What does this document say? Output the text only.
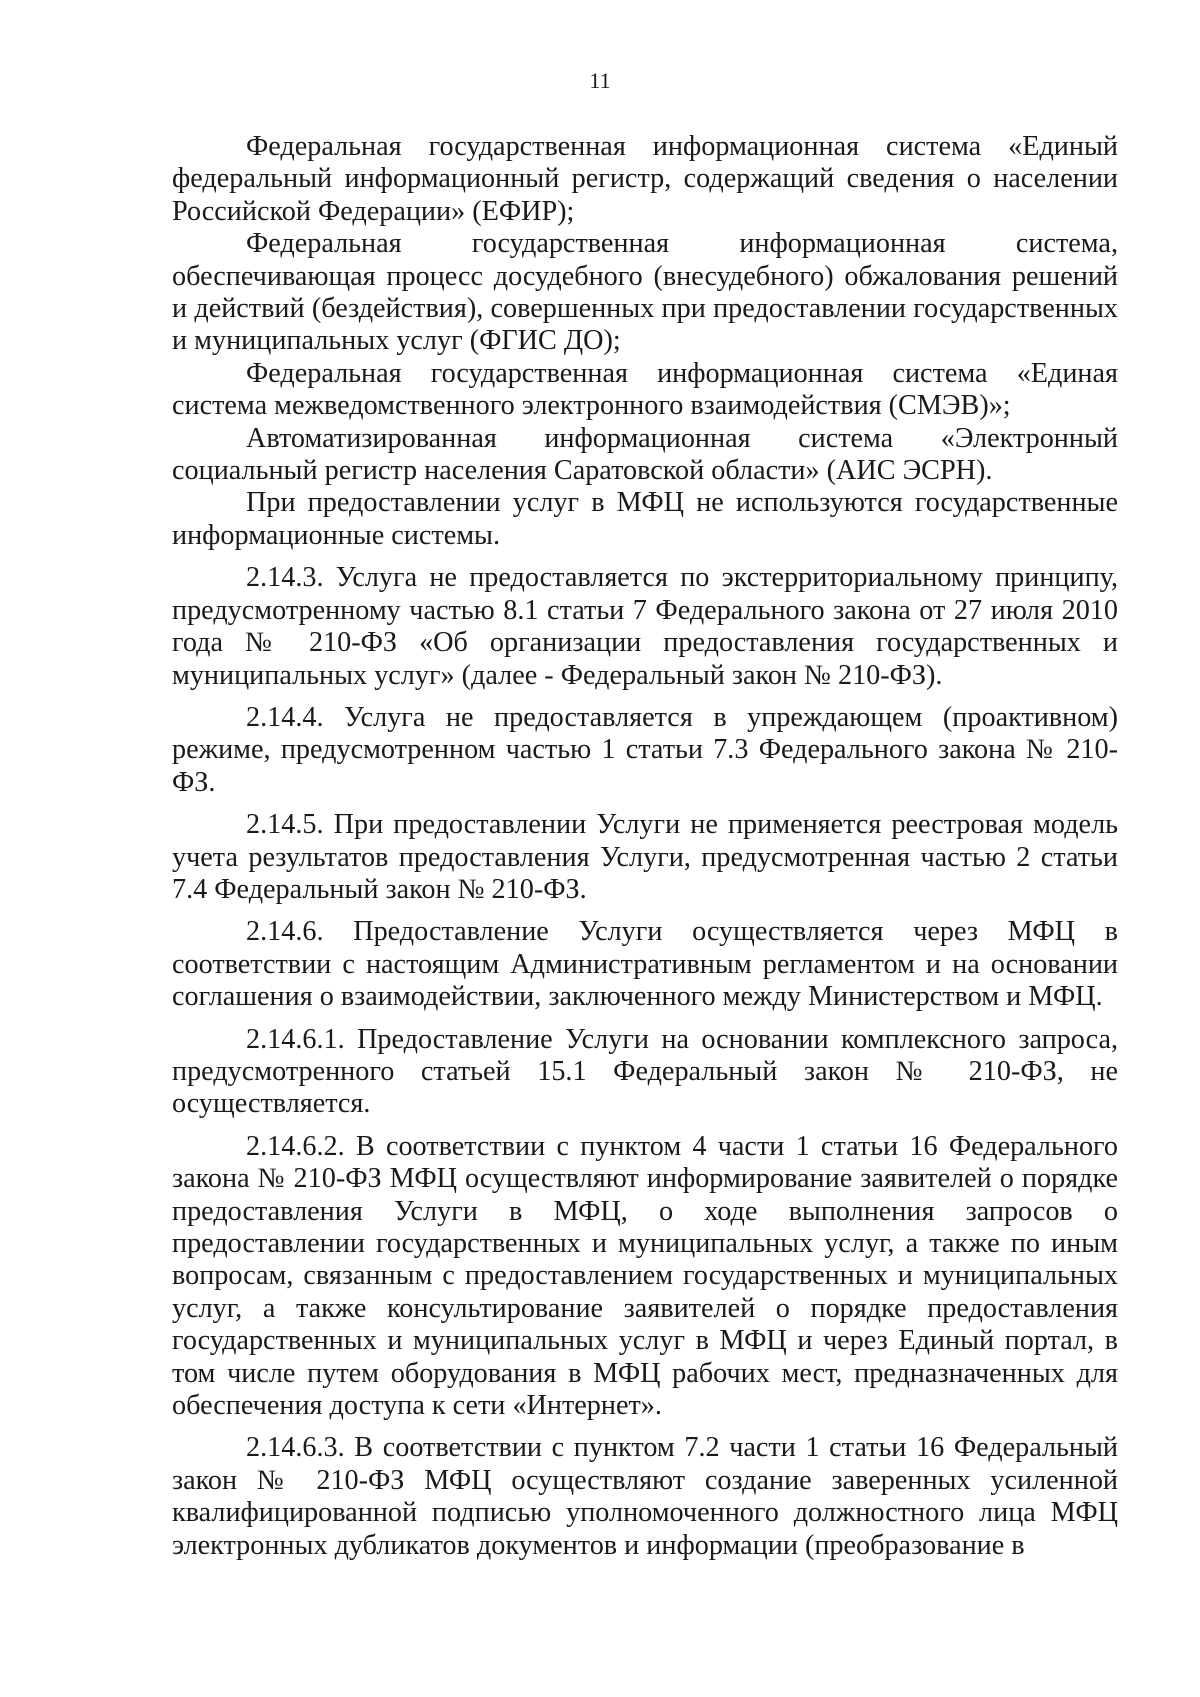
11

Федеральная государственная информационная система «Единый федеральный информационный регистр, содержащий сведения о населении Российской Федерации» (ЕФИР);

Федеральная государственная информационная система, обеспечивающая процесс досудебного (внесудебного) обжалования решений и действий (бездействия), совершенных при предоставлении государственных и муниципальных услуг (ФГИС ДО);

Федеральная государственная информационная система «Единая система межведомственного электронного взаимодействия (СМЭВ)»;

Автоматизированная информационная система «Электронный социальный регистр населения Саратовской области» (АИС ЭСРН).

При предоставлении услуг в МФЦ не используются государственные информационные системы.

2.14.3. Услуга не предоставляется по экстерриториальному принципу, предусмотренному частью 8.1 статьи 7 Федерального закона от 27 июля 2010 года № 210-ФЗ «Об организации предоставления государственных и муниципальных услуг» (далее - Федеральный закон № 210-ФЗ).

2.14.4. Услуга не предоставляется в упреждающем (проактивном) режиме, предусмотренном частью 1 статьи 7.3 Федерального закона № 210-ФЗ.

2.14.5. При предоставлении Услуги не применяется реестровая модель учета результатов предоставления Услуги, предусмотренная частью 2 статьи 7.4 Федеральный закон № 210-ФЗ.

2.14.6. Предоставление Услуги осуществляется через МФЦ в соответствии с настоящим Административным регламентом и на основании соглашения о взаимодействии, заключенного между Министерством и МФЦ.

2.14.6.1. Предоставление Услуги на основании комплексного запроса, предусмотренного статьей 15.1 Федеральный закон № 210-ФЗ, не осуществляется.

2.14.6.2. В соответствии с пунктом 4 части 1 статьи 16 Федерального закона № 210-ФЗ МФЦ осуществляют информирование заявителей о порядке предоставления Услуги в МФЦ, о ходе выполнения запросов о предоставлении государственных и муниципальных услуг, а также по иным вопросам, связанным с предоставлением государственных и муниципальных услуг, а также консультирование заявителей о порядке предоставления государственных и муниципальных услуг в МФЦ и через Единый портал, в том числе путем оборудования в МФЦ рабочих мест, предназначенных для обеспечения доступа к сети «Интернет».

2.14.6.3. В соответствии с пунктом 7.2 части 1 статьи 16 Федеральный закон № 210-ФЗ МФЦ осуществляют создание заверенных усиленной квалифицированной подписью уполномоченного должностного лица МФЦ электронных дубликатов документов и информации (преобразование в
